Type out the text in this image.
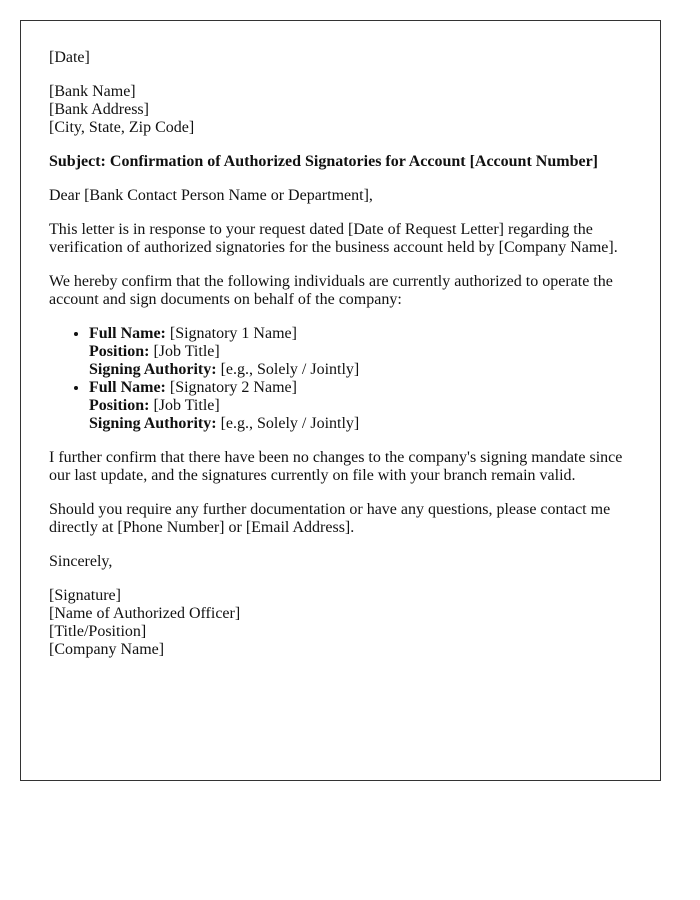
[Date]

[Bank Name]
[Bank Address]
[City, State, Zip Code]

Subject: Confirmation of Authorized Signatories for Account [Account Number]

Dear [Bank Contact Person Name or Department],

This letter is in response to your request dated [Date of Request Letter] regarding the verification of authorized signatories for the business account held by [Company Name].

We hereby confirm that the following individuals are currently authorized to operate the account and sign documents on behalf of the company:

• Full Name: [Signatory 1 Name]
Position: [Job Title]
Signing Authority: [e.g., Solely / Jointly]
• Full Name: [Signatory 2 Name]
Position: [Job Title]
Signing Authority: [e.g., Solely / Jointly]

I further confirm that there have been no changes to the company's signing mandate since our last update, and the signatures currently on file with your branch remain valid.

Should you require any further documentation or have any questions, please contact me directly at [Phone Number] or [Email Address].

Sincerely,

[Signature]
[Name of Authorized Officer]
[Title/Position]
[Company Name]
